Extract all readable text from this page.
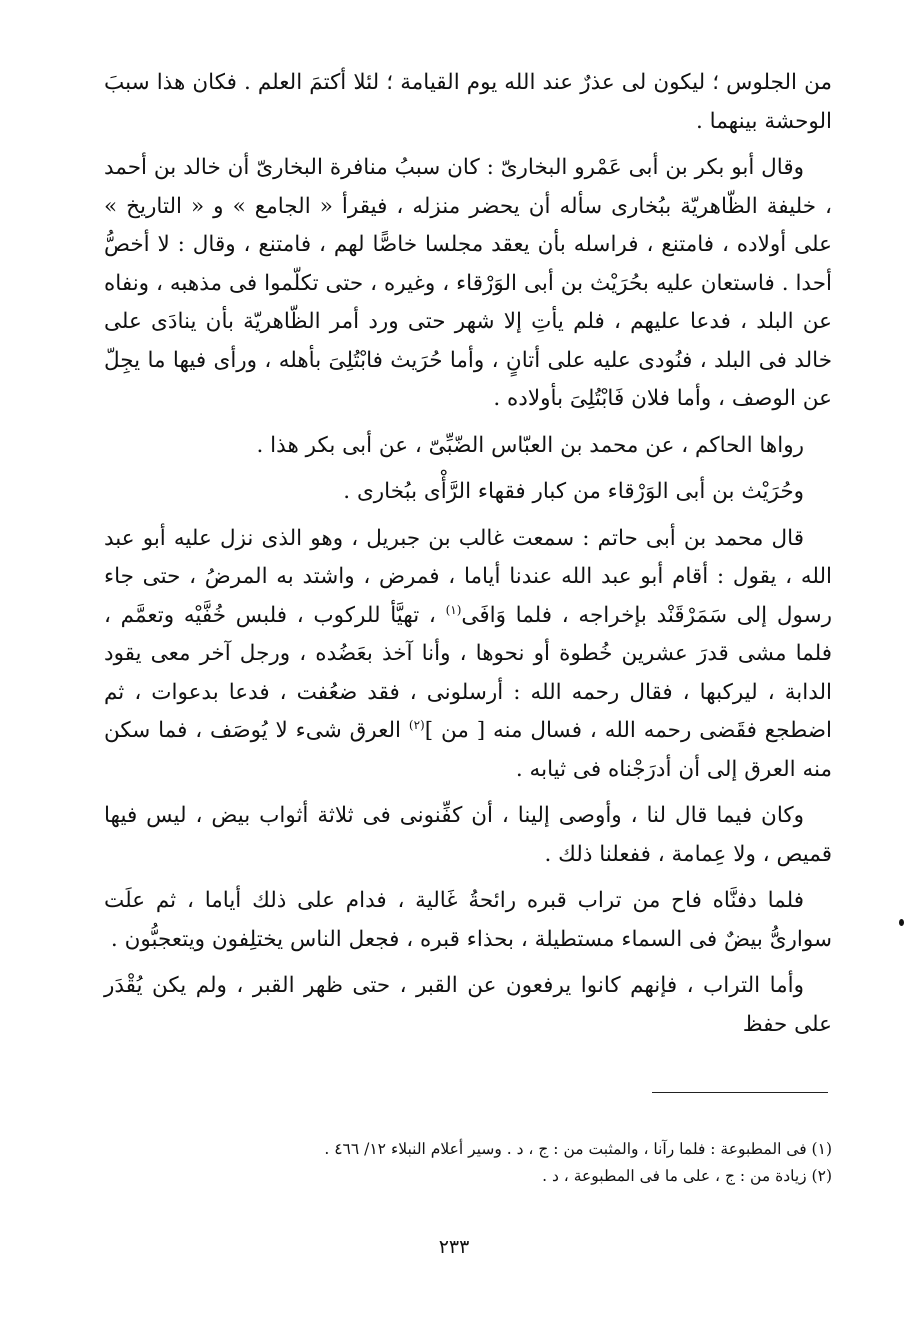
من الجلوس ؛ ليكون لى عذرٌ عند الله يوم القيامة ؛ لئلا أكتمَ العلم . فكان هذا سببَ الوحشة بينهما .

وقال أبو بكر بن أبى عَمْرو البخارىّ : كان سببُ منافرة البخارىّ أن خالد بن أحمد ، خليفة الظّاهريّة ببُخارى سأله أن يحضر منزله ، فيقرأ « الجامع » و « التاريخ » على أولاده ، فامتنع ، فراسله بأن يعقد مجلسا خاصًّا لهم ، فامتنع ، وقال : لا أخصُّ أحدا . فاستعان عليه بحُرَيْث بن أبى الوَرْقاء ، وغيره ، حتى تكلّموا فى مذهبه ، ونفاه عن البلد ، فدعا عليهم ، فلم يأتِ إلا شهر حتى ورد أمر الظّاهريّة بأن ينادَى على خالد فى البلد ، فنُودى عليه على أتانٍ ، وأما حُرَيث فابْتُلِىَ بأهله ، ورأى فيها ما يجِلّ عن الوصف ، وأما فلان فَابْتُلِىَ بأولاده .

رواها الحاكم ، عن محمد بن العبّاس الضّبِّىّ ، عن أبى بكر هذا .

وحُرَيْث بن أبى الوَرْقاء من كبار فقهاء الرَّأْى ببُخارى .

قال محمد بن أبى حاتم : سمعت غالب بن جبريل ، وهو الذى نزل عليه أبو عبد الله ، يقول : أقام أبو عبد الله عندنا أياما ، فمرض ، واشتد به المرضُ ، حتى جاء رسول إلى سَمَرْقَنْد بإخراجه ، فلما وَافَى$^{(١)}$ ، تهيَّأ للركوب ، فلبس خُفَّيْه وتعمَّم ، فلما مشى قدرَ عشرين خُطوة أو نحوها ، وأنا آخذ بعَضُده ، ورجل آخر معى يقود الدابة ، ليركبها ، فقال رحمه الله : أرسلونى ، فقد ضعُفت ، فدعا بدعوات ، ثم اضطجع فقَضى رحمه الله ، فسال منه [ من ]$^{(٢)}$ العرق شىء لا يُوصَف ، فما سكن منه العرق إلى أن أدرَجْناه فى ثيابه .

وكان فيما قال لنا ، وأوصى إلينا ، أن كفِّنونى فى ثلاثة أثواب بيض ، ليس فيها قميص ، ولا عِمامة ، ففعلنا ذلك .

فلما دفنَّاه فاح من تراب قبره رائحةُ غَالية ، فدام على ذلك أياما ، ثم علَت سوارىُّ بيضٌ فى السماء مستطيلة ، بحذاء قبره ، فجعل الناس يختلِفون ويتعجبُّون .

وأما التراب ، فإنهم كانوا يرفعون عن القبر ، حتى ظهر القبر ، ولم يكن يُقْدَر على حفظ

(١) فى المطبوعة : فلما رآنا ، والمثبت من : ج ، د . وسير أعلام النبلاء ١٢/ ٤٦٦ .

(٢) زيادة من : ج ، على ما فى المطبوعة ، د .

٢٣٣
